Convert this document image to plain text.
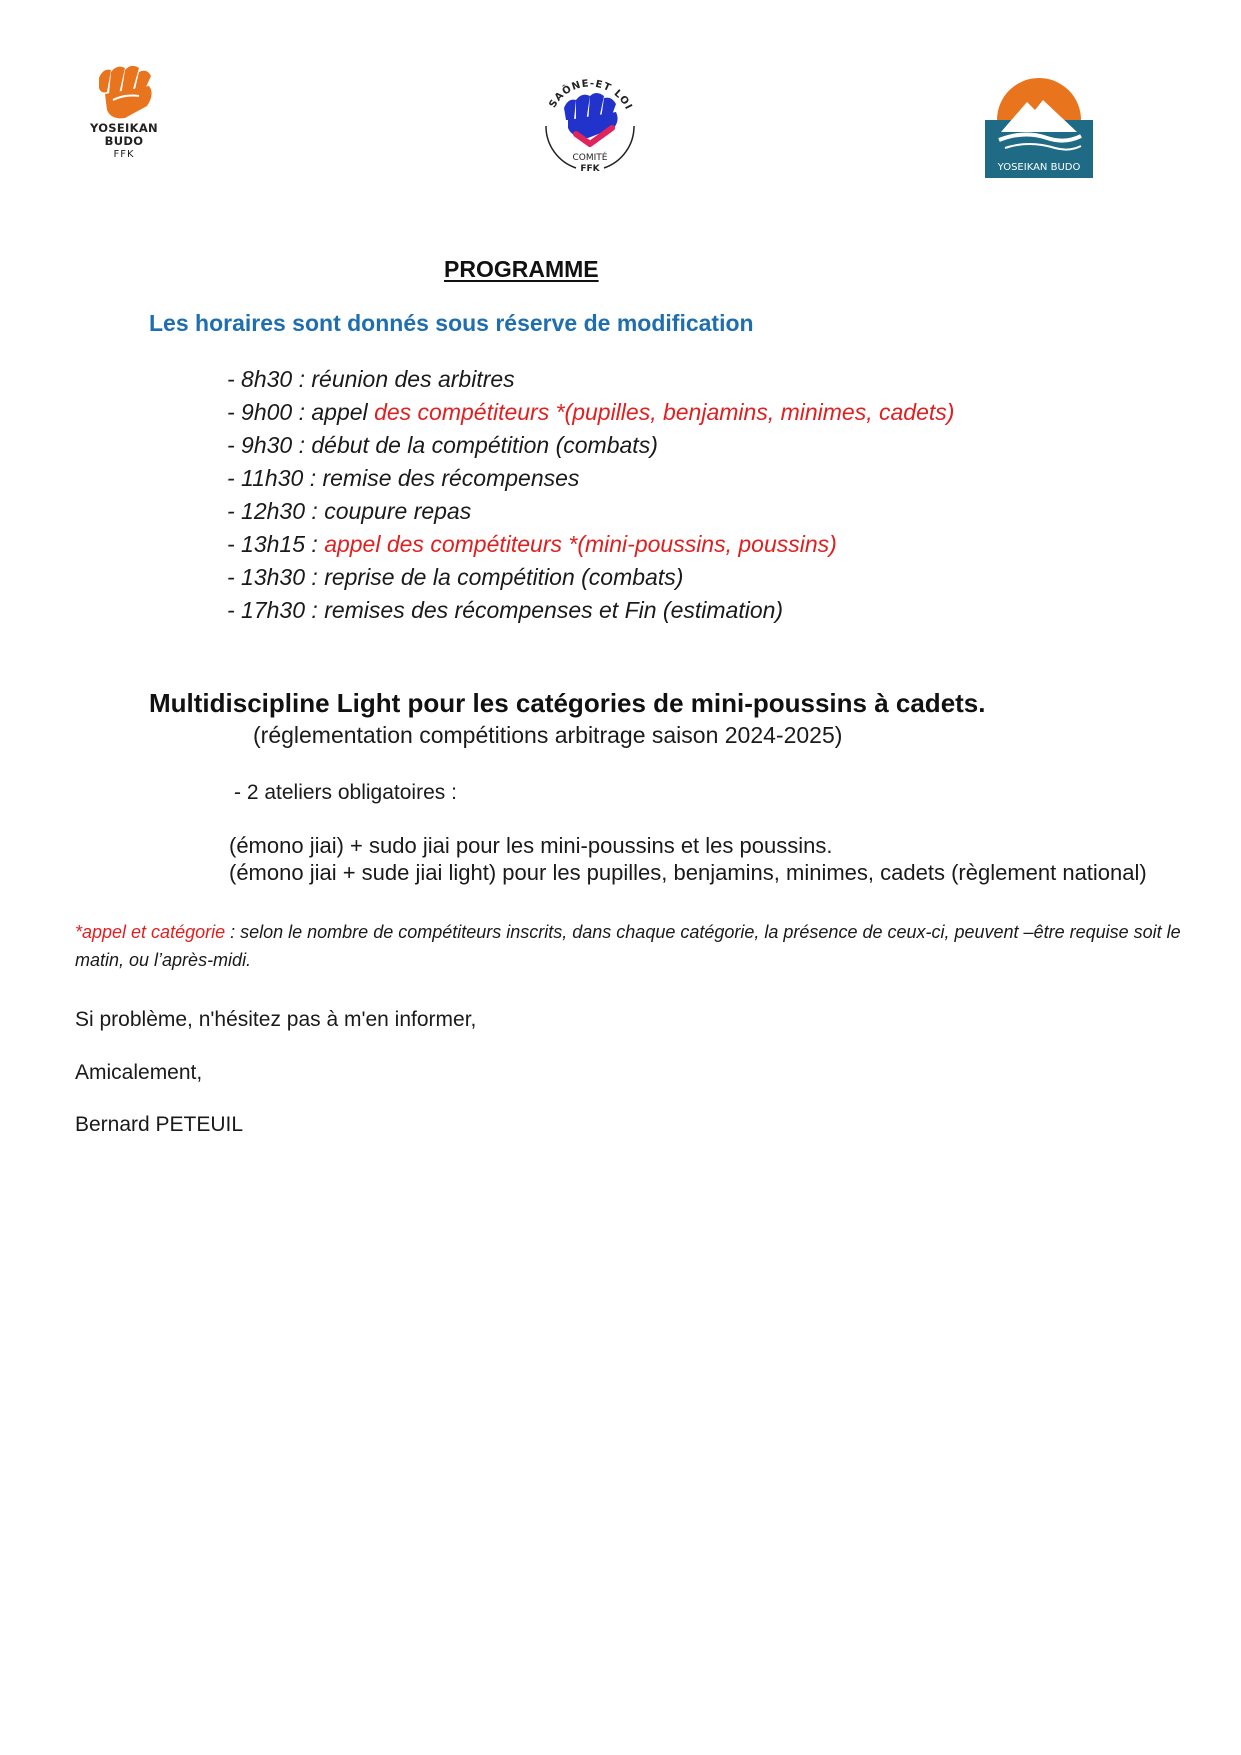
YOSEIKAN
BUDO
FFK
SAÔNE-ET LOI
COMITÉ
FFK	YOSEIKAN BUDO
PROGRAMME
Les horaires sont donnés sous réserve de modification
- 8h30 : réunion des arbitres
- 9h00 : appel des compétiteurs *(pupilles, benjamins, minimes, cadets)
- 9h30 : début de la compétition (combats)
- 11h30 : remise des récompenses
- 12h30 : coupure repas
- 13h15 : appel des compétiteurs *(mini-poussins, poussins)
- 13h30 : reprise de la compétition (combats)
- 17h30 : remises des récompenses et Fin (estimation)
Multidiscipline Light pour les catégories de mini-poussins à cadets.
(réglementation compétitions arbitrage saison 2024-2025)
- 2 ateliers obligatoires :
(émono jiai) + sudo jiai pour les mini-poussins et les poussins.
(émono jiai + sude jiai light) pour les pupilles, benjamins, minimes, cadets (règlement national)
*appel et catégorie : selon le nombre de compétiteurs inscrits, dans chaque catégorie, la présence de ceux-ci, peuvent –être requise soit le matin, ou l’après-midi.
Si problème, n'hésitez pas à m'en informer,
Amicalement,
Bernard PETEUIL
